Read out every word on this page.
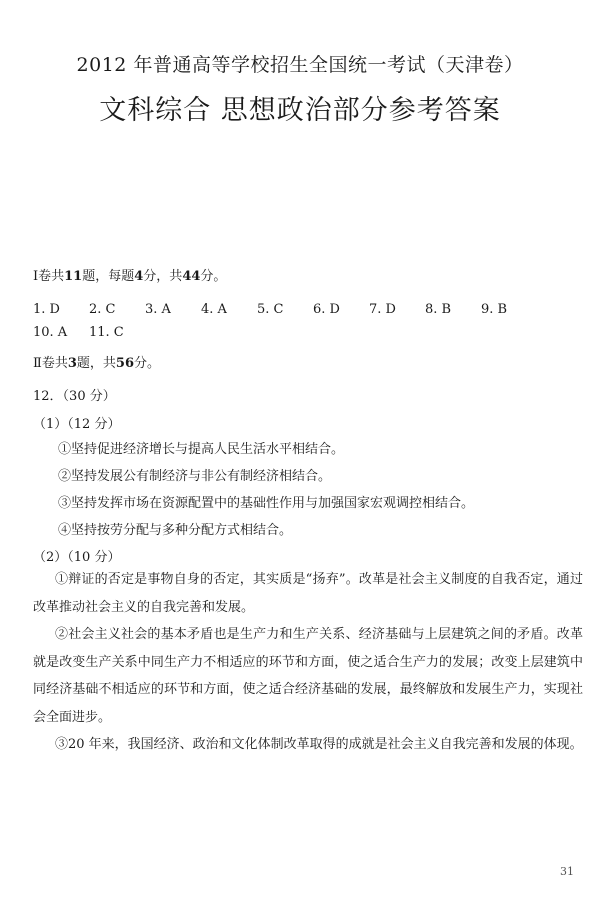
2012 年普通高等学校招生全国统一考试（天津卷）
文科综合 思想政治部分参考答案
Ⅰ卷共11题，每题4分，共44分。
1. D 2. C 3. A 4. A 5. C 6. D 7. D 8. B 9. B
10. A 11. C
Ⅱ卷共3题，共56分。
12．（30 分）
（1）（12 分）
①坚持促进经济增长与提高人民生活水平相结合。
②坚持发展公有制经济与非公有制经济相结合。
③坚持发挥市场在资源配置中的基础性作用与加强国家宏观调控相结合。
④坚持按劳分配与多种分配方式相结合。
（2）（10 分）
①辩证的否定是事物自身的否定，其实质是“扬弃”。改革是社会主义制度的自我否定，通过改革推动社会主义的自我完善和发展。
②社会主义社会的基本矛盾也是生产力和生产关系、经济基础与上层建筑之间的矛盾。改革就是改变生产关系中同生产力不相适应的环节和方面，使之适合生产力的发展；改变上层建筑中同经济基础不相适应的环节和方面，使之适合经济基础的发展，最终解放和发展生产力，实现社会全面进步。
③20 年来，我国经济、政治和文化体制改革取得的成就是社会主义自我完善和发展的体现。
31
